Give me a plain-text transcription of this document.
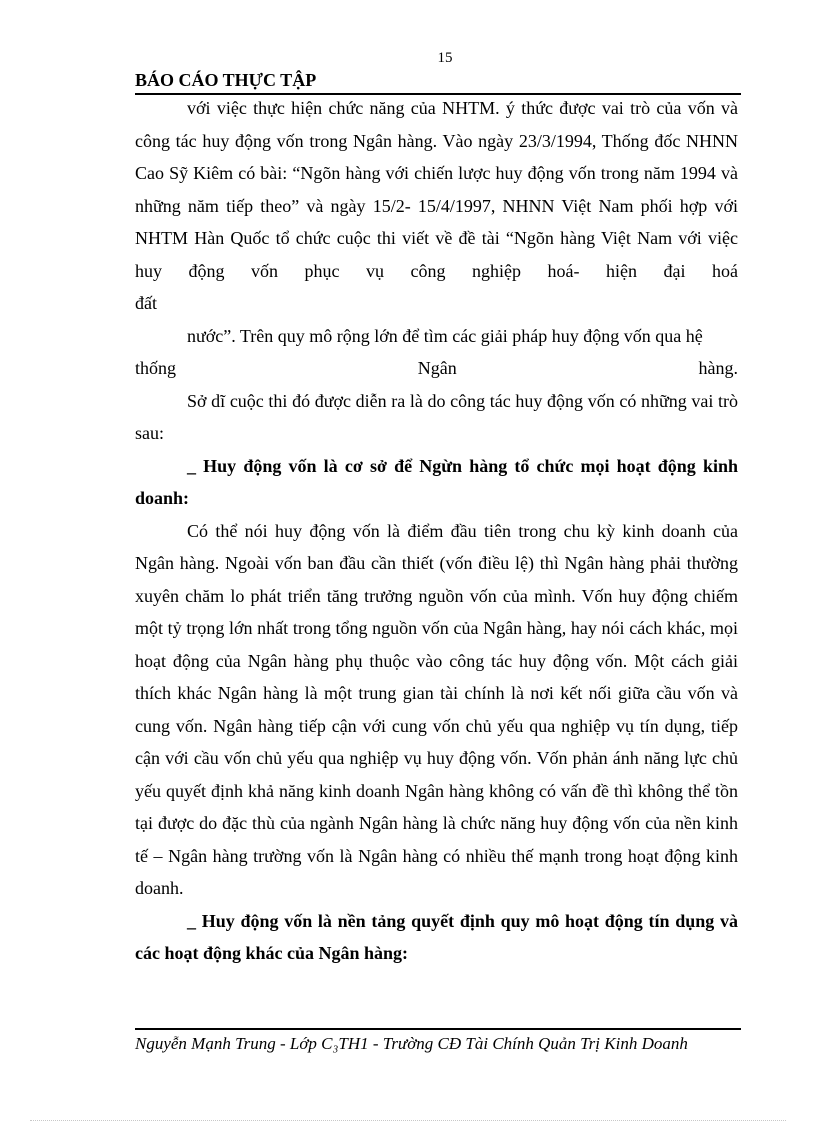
15
BÁO CÁO THỰC TẬP

với việc thực hiện chức năng của NHTM. ý thức được vai trò của vốn và công tác huy động vốn trong Ngân hàng. Vào ngày 23/3/1994, Thống đốc NHNN Cao Sỹ Kiêm có bài: “Ngõn hàng với chiến lược huy động vốn trong năm 1994 và những năm tiếp theo” và ngày 15/2- 15/4/1997, NHNN Việt Nam phối hợp với NHTM Hàn Quốc tổ chức cuộc thi viết về đề tài “Ngõn hàng Việt Nam với việc huy động vốn phục vụ công nghiệp hoá- hiện đại hoá

đất

nước”. Trên quy mô rộng lớn để tìm các giải pháp huy động vốn qua hệ

thống Ngân hàng.

Sở dĩ cuộc thi đó được diễn ra là do công tác huy động vốn có những vai trò sau:

_ Huy động vốn là cơ sở để Ngừn hàng tổ chức mọi hoạt động kinh doanh:

Có thể nói huy động vốn là điểm đầu tiên trong chu kỳ kinh doanh của Ngân hàng. Ngoài vốn ban đầu cần thiết (vốn điều lệ) thì Ngân hàng phải thường xuyên chăm lo phát triển tăng trưởng nguồn vốn của mình. Vốn huy động chiếm một tỷ trọng lớn nhất trong tổng nguồn vốn của Ngân hàng, hay nói cách khác, mọi hoạt động của Ngân hàng phụ thuộc vào công tác huy động vốn. Một cách giải thích khác Ngân hàng là một trung gian tài chính là nơi kết nối giữa cầu vốn và cung vốn. Ngân hàng tiếp cận với cung vốn chủ yếu qua nghiệp vụ tín dụng, tiếp cận với cầu vốn chủ yếu qua nghiệp vụ huy động vốn. Vốn phản ánh năng lực chủ yếu quyết định khả năng kinh doanh Ngân hàng không có vấn đề thì không thể tồn tại được do đặc thù của ngành Ngân hàng là chức năng huy động vốn của nền kinh tế – Ngân hàng trường vốn là Ngân hàng có nhiều thế mạnh trong hoạt động kinh doanh.

_ Huy động vốn là nền tảng quyết định quy mô hoạt động tín dụng và các hoạt động khác của Ngân hàng:

Nguyễn Mạnh Trung - Lớp C₃TH1 - Trường CĐ Tài Chính Quản Trị Kinh Doanh
